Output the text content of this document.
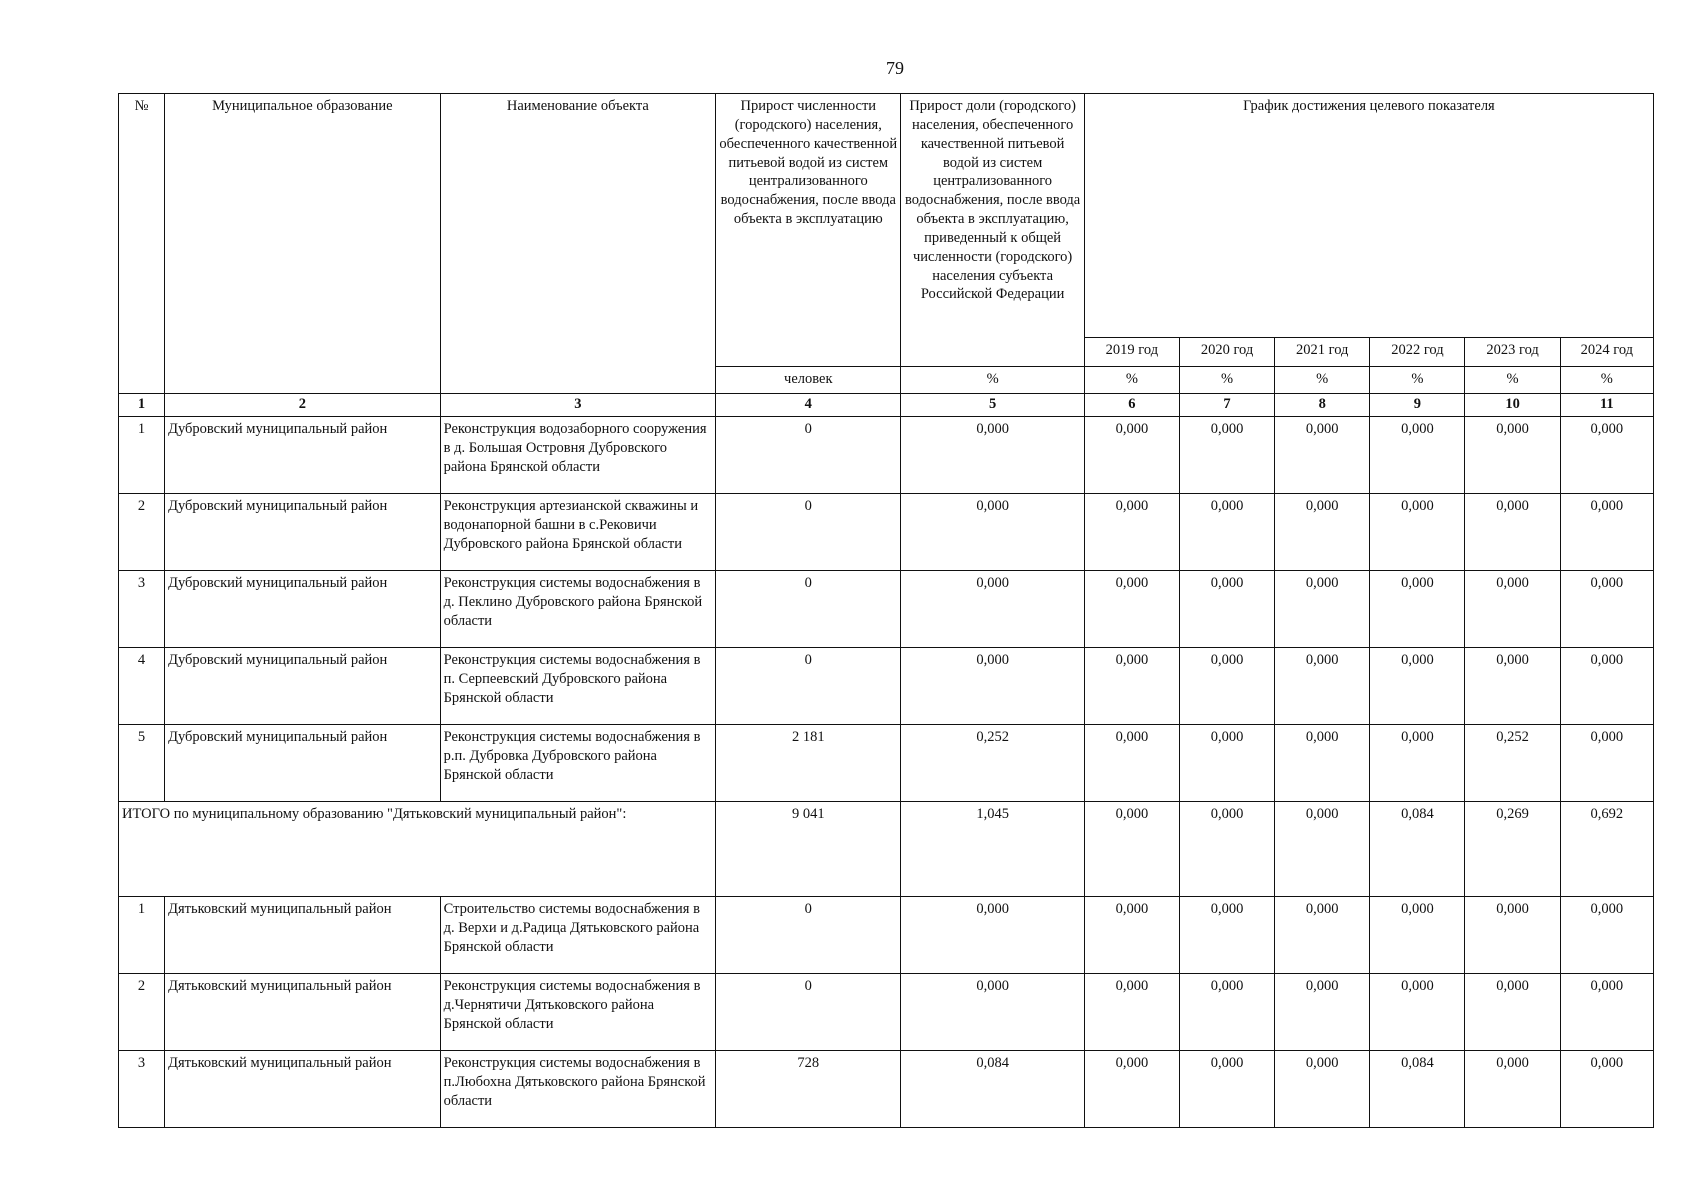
79
№	Муниципальное образование	Наименование объекта	Прирост численности (городского) населения, обеспеченного качественной питьевой водой из систем централизованного водоснабжения, после ввода объекта в эксплуатацию	Прирост доли (городского) населения, обеспеченного качественной питьевой водой из систем централизованного водоснабжения, после ввода объекта в эксплуатацию, приведенный к общей численности (городского) населения субъекта Российской Федерации	График достижения целевого показателя					
					2019 год	2020 год	2021 год	2022 год	2023 год	2024 год
			человек	%	%	%	%	%	%	%
1	2	3	4	5	6	7	8	9	10	11
1	Дубровский муниципальный район	Реконструкция водозаборного сооружения в д. Большая Островня Дубровского района Брянской области	0	0,000	0,000	0,000	0,000	0,000	0,000	0,000
2	Дубровский муниципальный район	Реконструкция артезианской скважины и водонапорной башни в с.Рековичи Дубровского района Брянской области	0	0,000	0,000	0,000	0,000	0,000	0,000	0,000
3	Дубровский муниципальный район	Реконструкция системы водоснабжения в д. Пеклино Дубровского района Брянской области	0	0,000	0,000	0,000	0,000	0,000	0,000	0,000
4	Дубровский муниципальный район	Реконструкция системы водоснабжения в п. Серпеевский Дубровского района Брянской области	0	0,000	0,000	0,000	0,000	0,000	0,000	0,000
5	Дубровский муниципальный район	Реконструкция системы водоснабжения в р.п. Дубровка Дубровского района Брянской области	2 181	0,252	0,000	0,000	0,000	0,000	0,252	0,000
ИТОГО по муниципальному образованию "Дятьковский муниципальный район":			9 041	1,045	0,000	0,000	0,000	0,084	0,269	0,692
1	Дятьковский муниципальный район	Строительство системы водоснабжения в д. Верхи и д.Радица Дятьковского района Брянской области	0	0,000	0,000	0,000	0,000	0,000	0,000	0,000
2	Дятьковский муниципальный район	Реконструкция системы водоснабжения в д.Чернятичи Дятьковского района Брянской области	0	0,000	0,000	0,000	0,000	0,000	0,000	0,000
3	Дятьковский муниципальный район	Реконструкция системы водоснабжения в п.Любохна Дятьковского района Брянской области	728	0,084	0,000	0,000	0,000	0,084	0,000	0,000
